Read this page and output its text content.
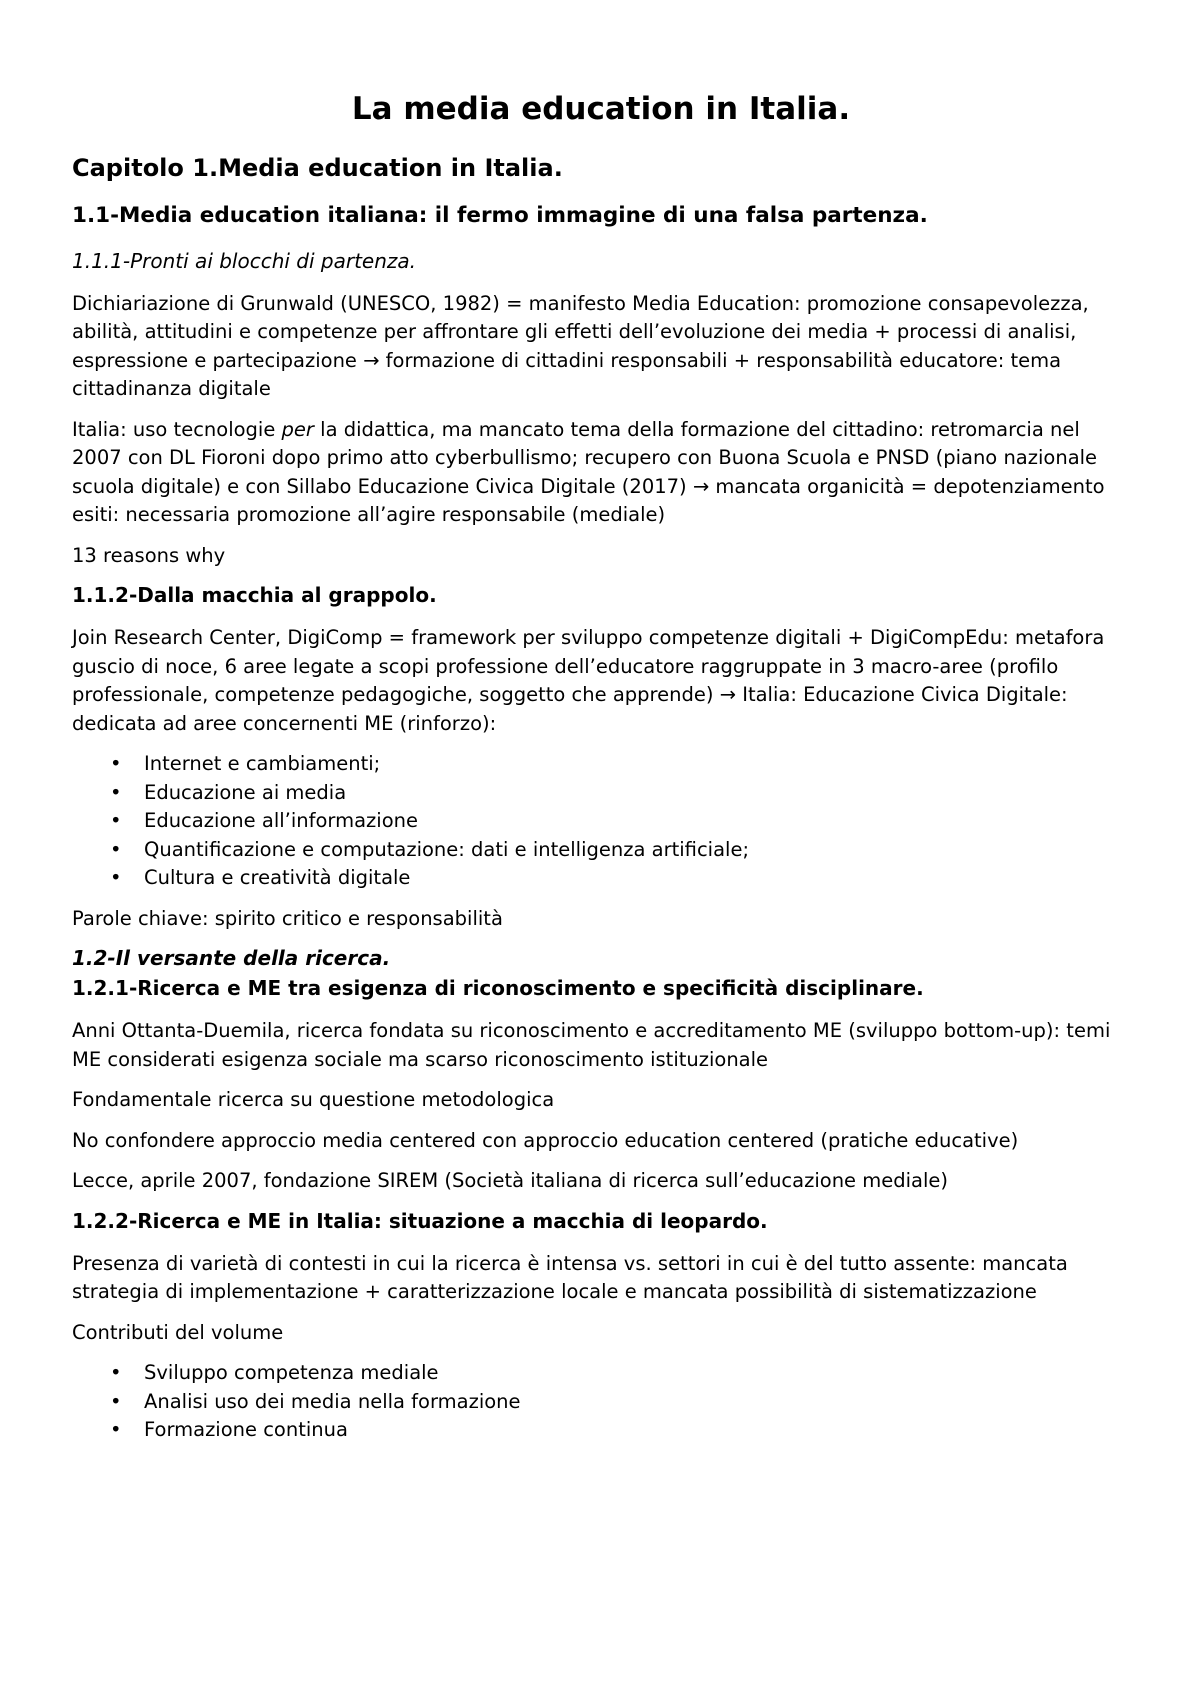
La media education in Italia.
Capitolo 1.Media education in Italia.
1.1-Media education italiana: il fermo immagine di una falsa partenza.
1.1.1-Pronti ai blocchi di partenza.

Dichiariazione di Grunwald (UNESCO, 1982) = manifesto Media Education: promozione consapevolezza, abilità, attitudini e competenze per affrontare gli effetti dell’evoluzione dei media + processi di analisi, espressione e partecipazione → formazione di cittadini responsabili + responsabilità educatore: tema cittadinanza digitale

Italia: uso tecnologie per la didattica, ma mancato tema della formazione del cittadino: retromarcia nel 2007 con DL Fioroni dopo primo atto cyberbullismo; recupero con Buona Scuola e PNSD (piano nazionale scuola digitale) e con Sillabo Educazione Civica Digitale (2017) → mancata organicità = depotenziamento esiti: necessaria promozione all’agire responsabile (mediale)

13 reasons why

1.1.2-Dalla macchia al grappolo.

Join Research Center, DigiComp = framework per sviluppo competenze digitali + DigiCompEdu: metafora guscio di noce, 6 aree legate a scopi professione dell’educatore raggruppate in 3 macro-aree (profilo professionale, competenze pedagogiche, soggetto che apprende) → Italia: Educazione Civica Digitale: dedicata ad aree concernenti ME (rinforzo):

• Internet e cambiamenti;
• Educazione ai media
• Educazione all’informazione
• Quantificazione e computazione: dati e intelligenza artificiale;
• Cultura e creatività digitale

Parole chiave: spirito critico e responsabilità

1.2-Il versante della ricerca.
1.2.1-Ricerca e ME tra esigenza di riconoscimento e specificità disciplinare.

Anni Ottanta-Duemila, ricerca fondata su riconoscimento e accreditamento ME (sviluppo bottom-up): temi ME considerati esigenza sociale ma scarso riconoscimento istituzionale

Fondamentale ricerca su questione metodologica

No confondere approccio media centered con approccio education centered (pratiche educative)

Lecce, aprile 2007, fondazione SIREM (Società italiana di ricerca sull’educazione mediale)

1.2.2-Ricerca e ME in Italia: situazione a macchia di leopardo.

Presenza di varietà di contesti in cui la ricerca è intensa vs. settori in cui è del tutto assente: mancata strategia di implementazione + caratterizzazione locale e mancata possibilità di sistematizzazione

Contributi del volume

• Sviluppo competenza mediale
• Analisi uso dei media nella formazione
• Formazione continua
